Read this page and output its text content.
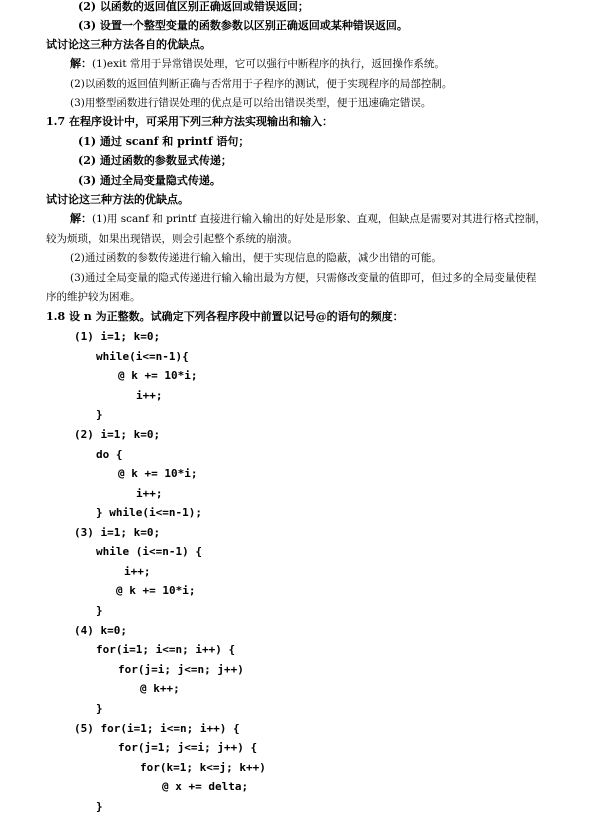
(2) 以函数的返回值区别正确返回或错误返回；
(3) 设置一个整型变量的函数参数以区别正确返回或某种错误返回。
试讨论这三种方法各自的优缺点。
解：(1)exit 常用于异常错误处理，它可以强行中断程序的执行，返回操作系统。
(2)以函数的返回值判断正确与否常用于子程序的测试，便于实现程序的局部控制。
(3)用整型函数进行错误处理的优点是可以给出错误类型，便于迅速确定错误。
1.7 在程序设计中，可采用下列三种方法实现输出和输入：
(1) 通过 scanf 和 printf 语句；
(2) 通过函数的参数显式传递；
(3) 通过全局变量隐式传递。
试讨论这三种方法的优缺点。
解：(1)用 scanf 和 printf 直接进行输入输出的好处是形象、直观，但缺点是需要对其进行格式控制，
较为烦琐，如果出现错误，则会引起整个系统的崩溃。
(2)通过函数的参数传递进行输入输出，便于实现信息的隐蔽，减少出错的可能。
(3)通过全局变量的隐式传递进行输入输出最为方便，只需修改变量的值即可，但过多的全局变量使程
序的维护较为困难。
1.8 设 n 为正整数。试确定下列各程序段中前置以记号@的语句的频度：
(1) i=1; k=0;
while(i<=n-1){
@ k += 10*i;
i++;
}
(2) i=1; k=0;
do {
@ k += 10*i;
i++;
} while(i<=n-1);
(3) i=1; k=0;
while (i<=n-1) {
i++;
@ k += 10*i;
}
(4) k=0;
for(i=1; i<=n; i++) {
for(j=i; j<=n; j++)
@ k++;
}
(5) for(i=1; i<=n; i++) {
for(j=1; j<=i; j++) {
for(k=1; k<=j; k++)
@ x += delta;
}
